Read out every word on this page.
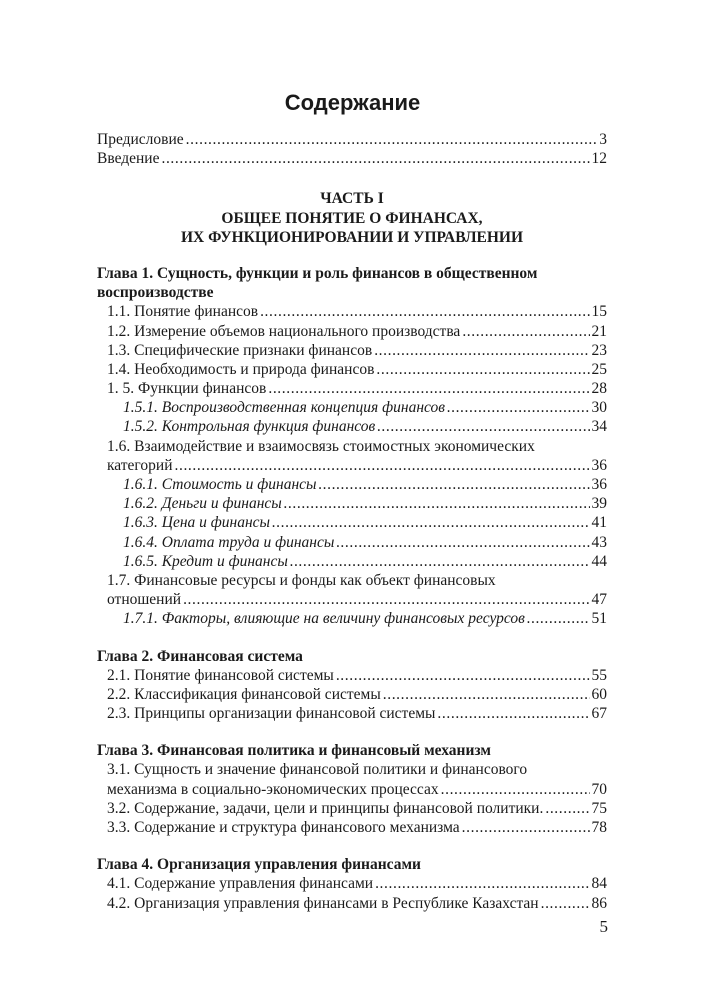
Содержание
Предисловие .....	3
Введение .....	12
ЧАСТЬ I
ОБЩЕЕ ПОНЯТИЕ О ФИНАНСАХ,
ИХ ФУНКЦИОНИРОВАНИИ И УПРАВЛЕНИИ
Глава 1. Сущность, функции и роль финансов в общественном
воспроизводстве
1.1. Понятие финансов .....	15
1.2. Измерение объемов национального производства .....	21
1.3. Специфические признаки финансов .....	23
1.4. Необходимость и природа финансов .....	25
1. 5. Функции финансов .....	28
1.5.1. Воспроизводственная концепция финансов .....	30
1.5.2. Контрольная функция финансов .....	34
1.6. Взаимодействие и взаимосвязь стоимостных экономических
категорий .....	36
1.6.1. Стоимость и финансы .....	36
1.6.2. Деньги и финансы .....	39
1.6.3. Цена и финансы .....	41
1.6.4. Оплата труда и финансы .....	43
1.6.5. Кредит и финансы .....	44
1.7. Финансовые ресурсы и фонды как объект финансовых
отношений .....	47
1.7.1. Факторы, влияющие на величину финансовых ресурсов .....	51
Глава 2. Финансовая система
2.1. Понятие финансовой системы .....	55
2.2. Классификация финансовой системы .....	60
2.3. Принципы организации финансовой системы .....	67
Глава 3. Финансовая политика и финансовый механизм
3.1. Сущность и значение финансовой политики и финансового
механизма в социально-экономических процессах .....	70
3.2. Содержание, задачи, цели и принципы финансовой политики. .....	75
3.3. Содержание и структура финансового механизма .....	78
Глава 4. Организация управления финансами
4.1. Содержание управления финансами .....	84
4.2. Организация управления финансами в Республике Казахстан .....	86
5
